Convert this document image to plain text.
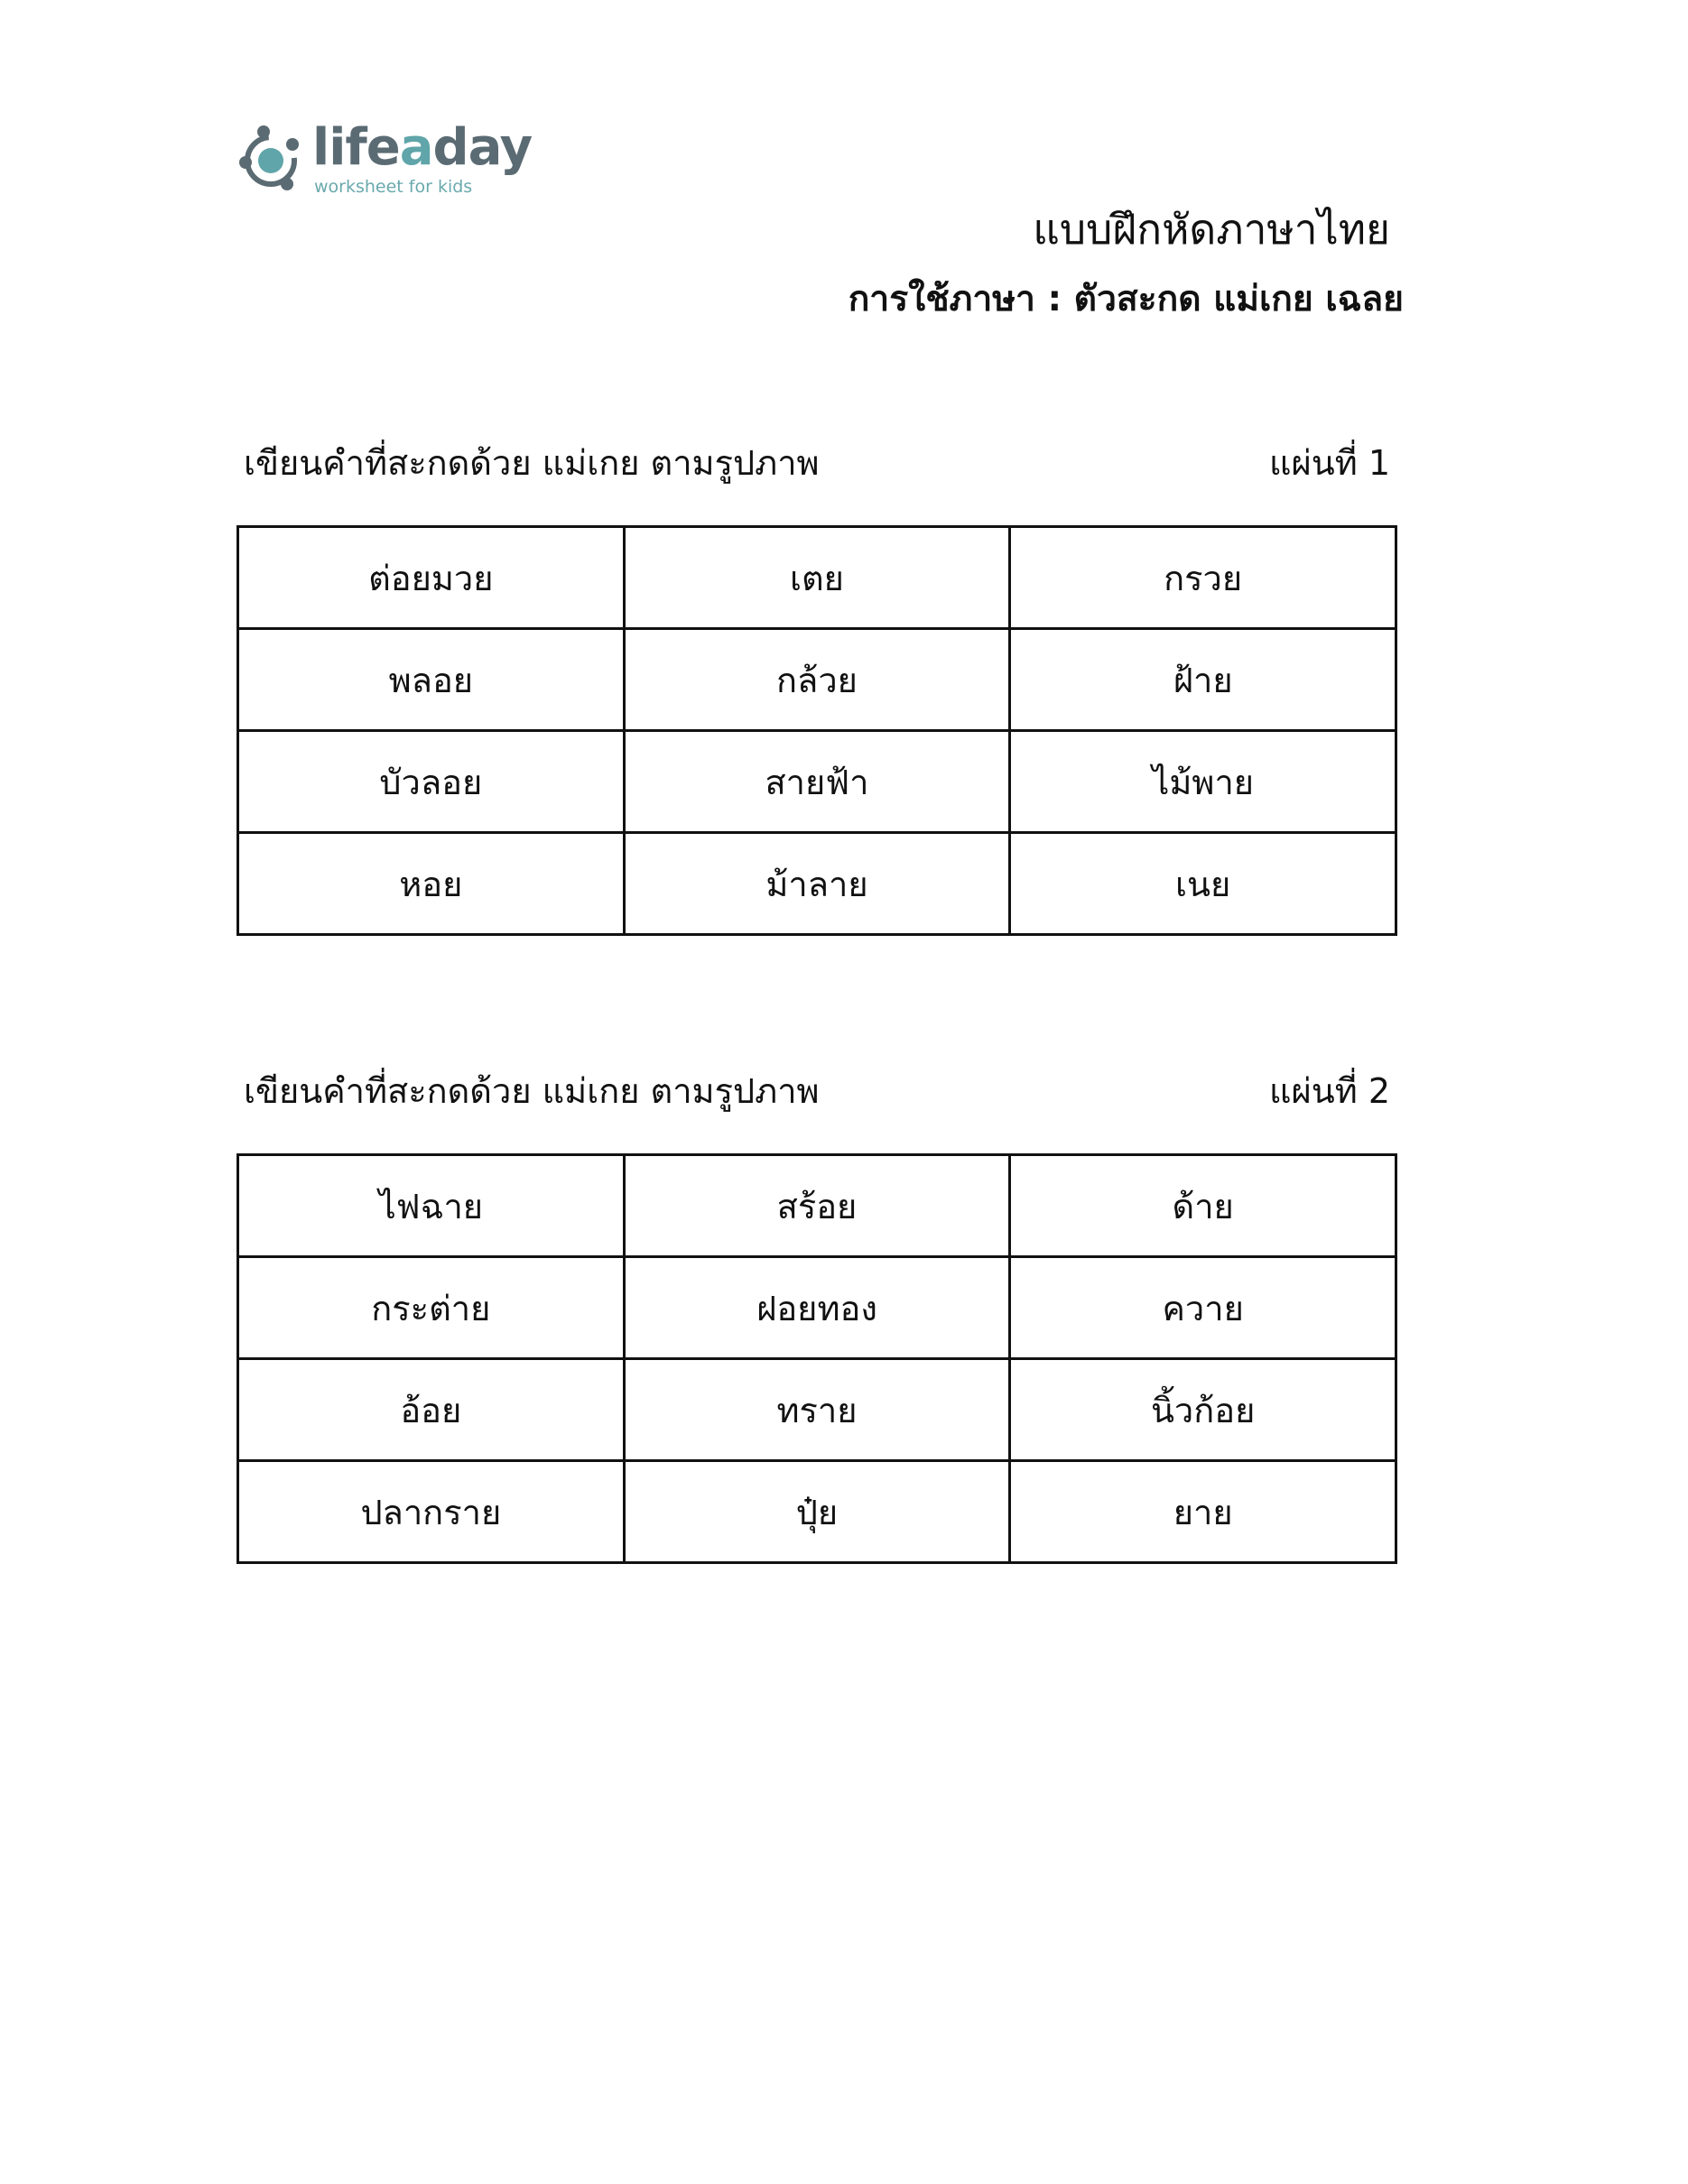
lifeaday
worksheet for kids
แบบฝึกหัดภาษาไทย
การใช้ภาษา : ตัวสะกด แม่เกย เฉลย
เขียนคำที่สะกดด้วย แม่เกย ตามรูปภาพ	แผ่นที่ 1
ต่อยมวย	เตย	กรวย
พลอย	กล้วย	ฝ้าย
บัวลอย	สายฟ้า	ไม้พาย
หอย	ม้าลาย	เนย
เขียนคำที่สะกดด้วย แม่เกย ตามรูปภาพ	แผ่นที่ 2
ไฟฉาย	สร้อย	ด้าย
กระต่าย	ฝอยทอง	ควาย
อ้อย	ทราย	นิ้วก้อย
ปลากราย	ปุ๋ย	ยาย
